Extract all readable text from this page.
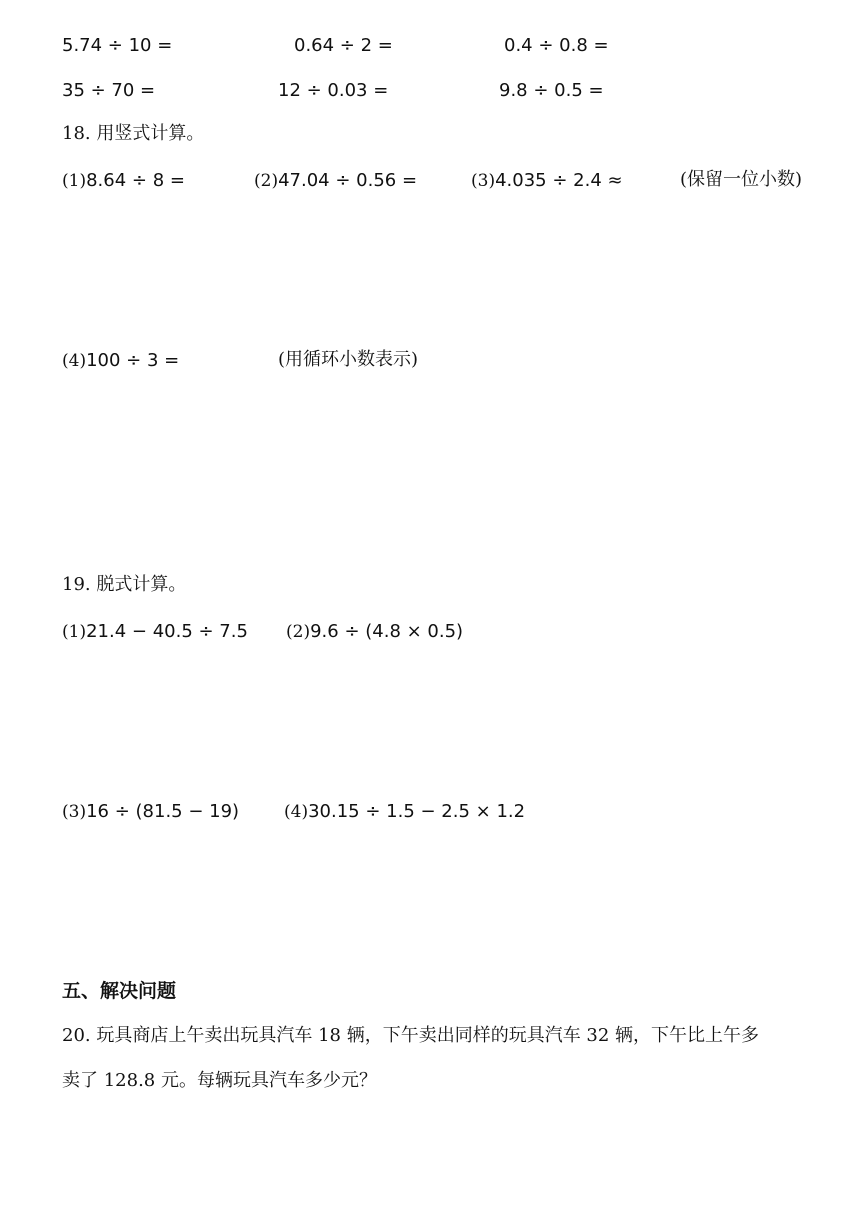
5.74 ÷ 10 =	0.64 ÷ 2 =	0.4 ÷ 0.8 =
35 ÷ 70 =	12 ÷ 0.03 =	9.8 ÷ 0.5 =
18. 用竖式计算。
(1)8.64 ÷ 8 =	(2)47.04 ÷ 0.56 =	(3)4.035 ÷ 2.4 ≈	(保留一位小数)
(4)100 ÷ 3 =	(用循环小数表示)
19. 脱式计算。
(1)21.4 − 40.5 ÷ 7.5 (2)9.6 ÷ (4.8 × 0.5)
(3)16 ÷ (81.5 − 19)	(4)30.15 ÷ 1.5 − 2.5 × 1.2
五、解决问题
20. 玩具商店上午卖出玩具汽车 18 辆，下午卖出同样的玩具汽车 32 辆，下午比上午多
卖了 128.8 元。每辆玩具汽车多少元？
